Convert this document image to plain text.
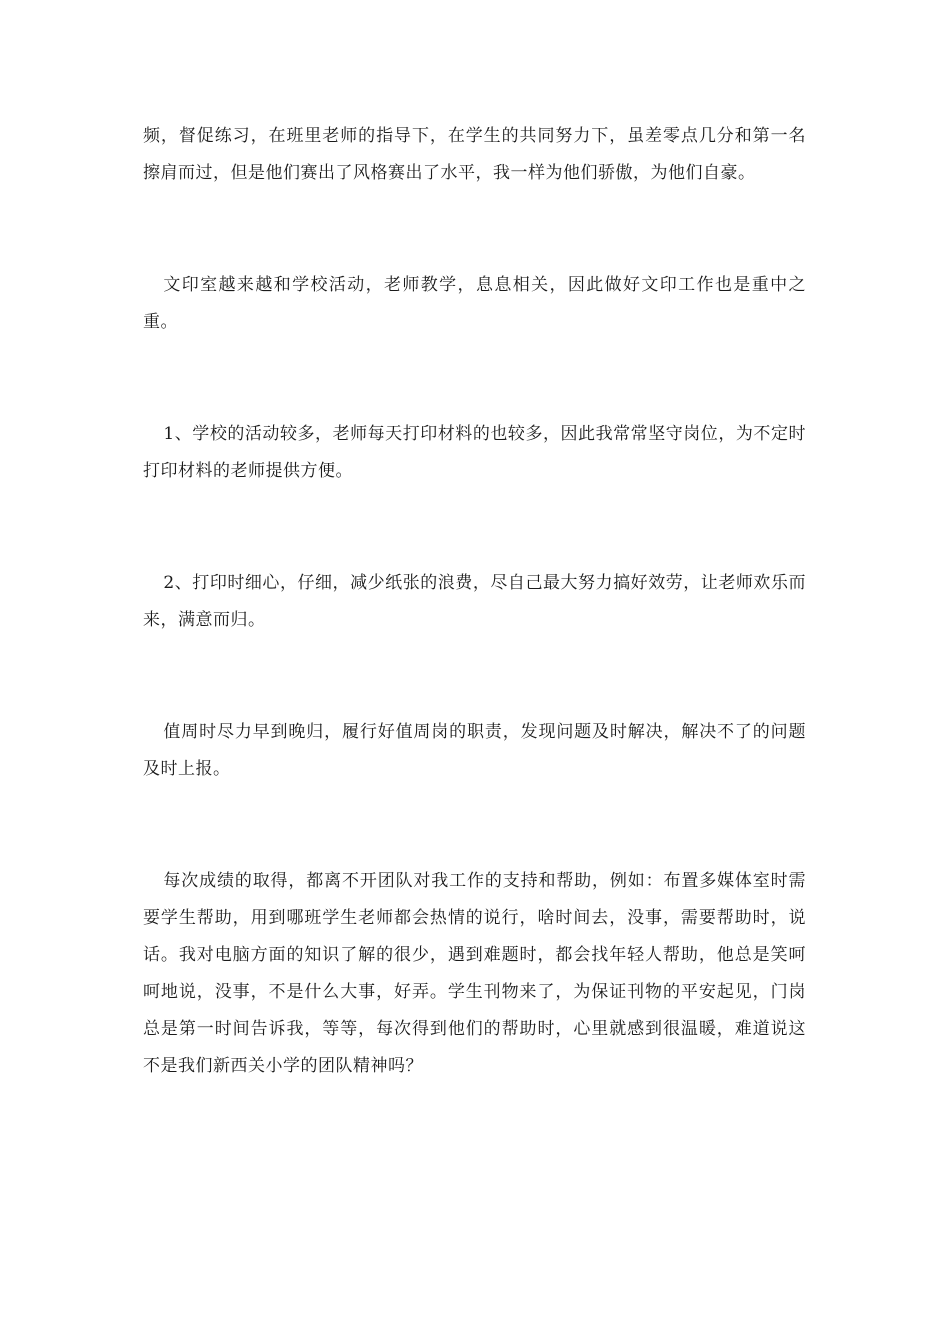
频，督促练习，在班里老师的指导下，在学生的共同努力下，虽差零点几分和第一名擦肩而过，但是他们赛出了风格赛出了水平，我一样为他们骄傲，为他们自豪。

文印室越来越和学校活动，老师教学，息息相关，因此做好文印工作也是重中之重。

1、学校的活动较多，老师每天打印材料的也较多，因此我常常坚守岗位，为不定时打印材料的老师提供方便。

2、打印时细心，仔细，减少纸张的浪费，尽自己最大努力搞好效劳，让老师欢乐而来，满意而归。

值周时尽力早到晚归，履行好值周岗的职责，发现问题及时解决，解决不了的问题及时上报。

每次成绩的取得，都离不开团队对我工作的支持和帮助，例如：布置多媒体室时需要学生帮助，用到哪班学生老师都会热情的说行，啥时间去，没事，需要帮助时，说话。我对电脑方面的知识了解的很少，遇到难题时，都会找年轻人帮助，他总是笑呵呵地说，没事，不是什么大事，好弄。学生刊物来了，为保证刊物的平安起见，门岗总是第一时间告诉我，等等，每次得到他们的帮助时，心里就感到很温暖，难道说这不是我们新西关小学的团队精神吗？
